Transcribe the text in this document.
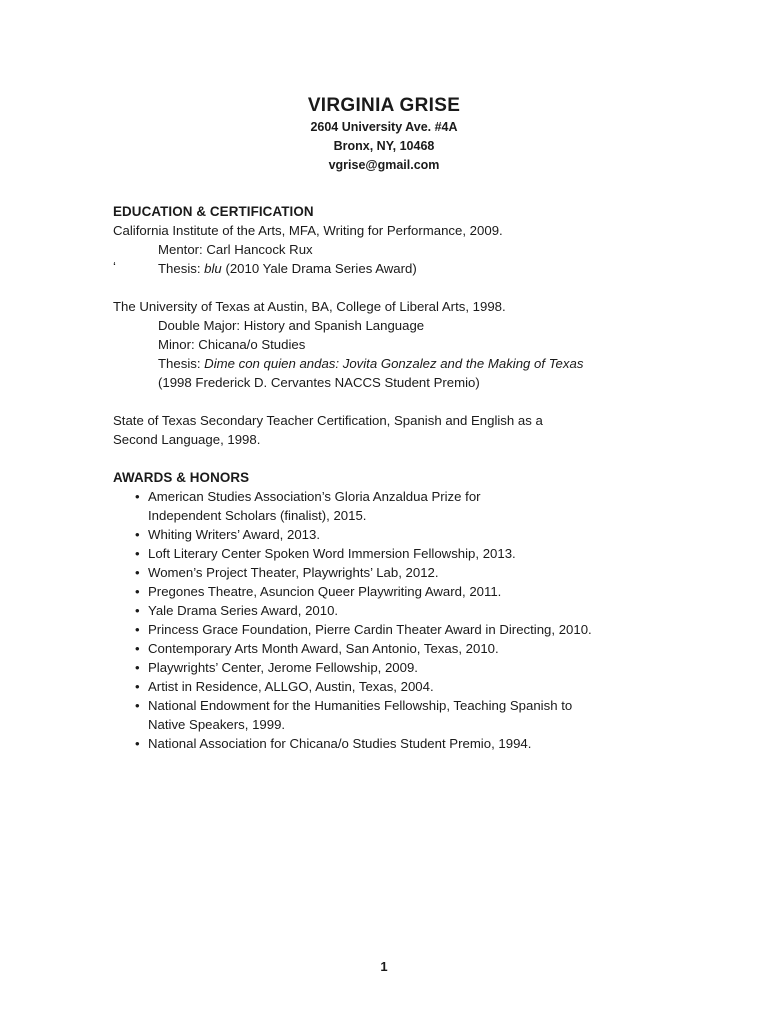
VIRGINIA GRISE
2604 University Ave. #4A
Bronx, NY, 10468
vgrise@gmail.com
EDUCATION & CERTIFICATION
California Institute of the Arts, MFA, Writing for Performance, 2009.
Mentor: Carl Hancock Rux
‘	Thesis: blu (2010 Yale Drama Series Award)
The University of Texas at Austin, BA, College of Liberal Arts, 1998.
Double Major: History and Spanish Language
Minor: Chicana/o Studies
Thesis: Dime con quien andas: Jovita Gonzalez and the Making of Texas
(1998 Frederick D. Cervantes NACCS Student Premio)
State of Texas Secondary Teacher Certification, Spanish and English as a
Second Language, 1998.
AWARDS & HONORS
• American Studies Association’s Gloria Anzaldua Prize for
Independent Scholars (finalist), 2015.
• Whiting Writers’ Award, 2013.
• Loft Literary Center Spoken Word Immersion Fellowship, 2013.
• Women’s Project Theater, Playwrights’ Lab, 2012.
• Pregones Theatre, Asuncion Queer Playwriting Award, 2011.
• Yale Drama Series Award, 2010.
• Princess Grace Foundation, Pierre Cardin Theater Award in Directing, 2010.
• Contemporary Arts Month Award, San Antonio, Texas, 2010.
• Playwrights’ Center, Jerome Fellowship, 2009.
• Artist in Residence, ALLGO, Austin, Texas, 2004.
• National Endowment for the Humanities Fellowship, Teaching Spanish to
Native Speakers, 1999.
• National Association for Chicana/o Studies Student Premio, 1994.
1
